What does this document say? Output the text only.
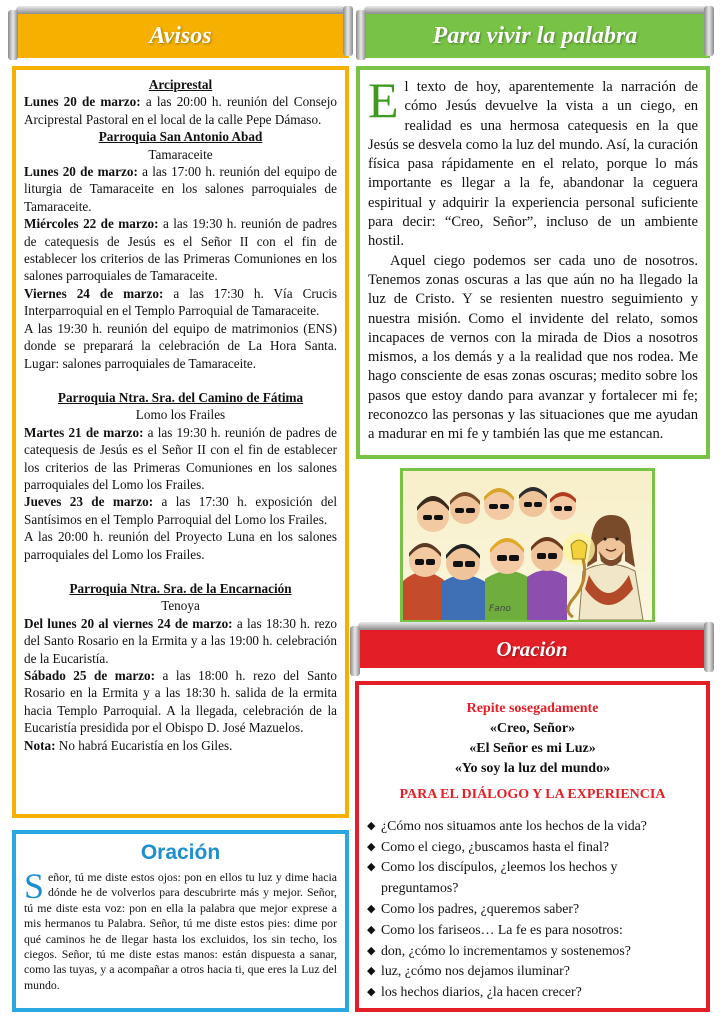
Avisos
Arciprestal
Lunes 20 de marzo: a las 20:00 h. reunión del Consejo Arciprestal Pastoral en el local de la calle Pepe Dámaso.
Parroquia San Antonio Abad
Tamaraceite
Lunes 20 de marzo: a las 17:00 h. reunión del equipo de liturgia de Tamaraceite en los salones parroquiales de Tamaraceite.
Miércoles 22 de marzo: a las 19:30 h. reunión de padres de catequesis de Jesús es el Señor II con el fin de establecer los criterios de las Primeras Comuniones en los salones parroquiales de Tamaraceite.
Viernes 24 de marzo: a las 17:30 h. Vía Crucis Interparroquial en el Templo Parroquial de Tamaraceite.
A las 19:30 h. reunión del equipo de matrimonios (ENS) donde se preparará la celebración de La Hora Santa. Lugar: salones parroquiales de Tamaraceite.
Parroquia Ntra. Sra. del Camino de Fátima
Lomo los Frailes
Martes 21 de marzo: a las 19:30 h. reunión de padres de catequesis de Jesús es el Señor II con el fin de establecer los criterios de las Primeras Comuniones en los salones parroquiales del Lomo los Frailes.
Jueves 23 de marzo: a las 17:30 h. exposición del Santísimos en el Templo Parroquial del Lomo los Frailes.
A las 20:00 h. reunión del Proyecto Luna en los salones parroquiales del Lomo los Frailes.
Parroquia Ntra. Sra. de la Encarnación
Tenoya
Del lunes 20 al viernes 24 de marzo: a las 18:30 h. rezo del Santo Rosario en la Ermita y a las 19:00 h. celebración de la Eucaristía.
Sábado 25 de marzo: a las 18:00 h. rezo del Santo Rosario en la Ermita y a las 18:30 h. salida de la ermita hacia Templo Parroquial. A la llegada, celebración de la Eucaristía presidida por el Obispo D. José Mazuelos.
Nota: No habrá Eucaristía en los Giles.
Para vivir la palabra

El texto de hoy, aparentemente la narración de cómo Jesús devuelve la vista a un ciego, en realidad es una hermosa catequesis en la que Jesús se desvela como la luz del mundo. Así, la curación física pasa rápidamente en el relato, porque lo más importante es llegar a la fe, abandonar la ceguera espiritual y adquirir la experiencia personal suficiente para decir: “Creo, Señor”, incluso de un ambiente hostil.

Aquel ciego podemos ser cada uno de nosotros. Tenemos zonas oscuras a las que aún no ha llegado la luz de Cristo. Y se resienten nuestro seguimiento y nuestra misión. Como el invidente del relato, somos incapaces de vernos con la mirada de Dios a nosotros mismos, a los demás y a la realidad que nos rodea. Me hago consciente de esas zonas oscuras; medito sobre los pasos que estoy dando para avanzar y fortalecer mi fe; reconozco las personas y las situaciones que me ayudan a madurar en mi fe y también las que me estancan.

Fano
Oración
Repite sosegadamente
«Creo, Señor»
«El Señor es mi Luz»
«Yo soy la luz del mundo»
PARA EL DIÁLOGO Y LA EXPERIENCIA
◆ ¿Cómo nos situamos ante los hechos de la vida?
◆ Como el ciego, ¿buscamos hasta el final?
◆ Como los discípulos, ¿leemos los hechos y preguntamos?
◆ Como los padres, ¿queremos saber?
◆ Como los fariseos… La fe es para nosotros:
◆ don, ¿cómo lo incrementamos y sostenemos?
◆ luz, ¿cómo nos dejamos iluminar?
◆ los hechos diarios, ¿la hacen crecer?
Oración

Señor, tú me diste estos ojos: pon en ellos tu luz y dime hacia dónde he de volverlos para descubrirte más y mejor. Señor, tú me diste esta voz: pon en ella la palabra que mejor exprese a mis hermanos tu Palabra. Señor, tú me diste estos pies: dime por qué caminos he de llegar hasta los excluidos, los sin techo, los ciegos. Señor, tú me diste estas manos: están dispuesta a sanar, como las tuyas, y a acompañar a otros hacia ti, que eres la Luz del mundo.
